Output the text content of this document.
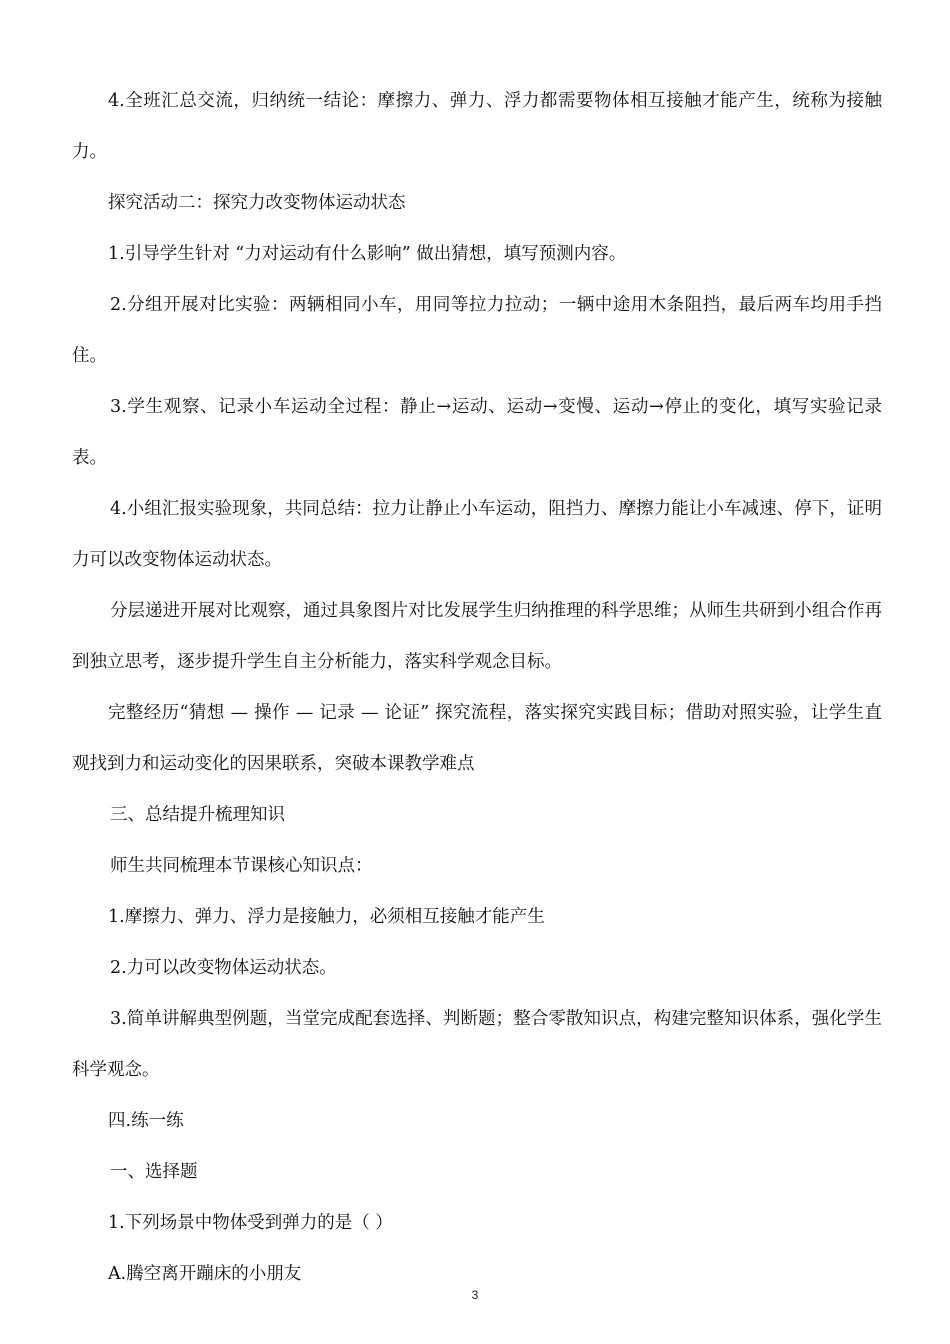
4.全班汇总交流，归纳统一结论：摩擦力、弹力、浮力都需要物体相互接触才能产生，统称为接触力。

探究活动二：探究力改变物体运动状态

1.引导学生针对 “力对运动有什么影响” 做出猜想，填写预测内容。

2.分组开展对比实验：两辆相同小车，用同等拉力拉动；一辆中途用木条阻挡，最后两车均用手挡住。

3.学生观察、记录小车运动全过程：静止→运动、运动→变慢、运动→停止的变化，填写实验记录表。

4.小组汇报实验现象，共同总结：拉力让静止小车运动，阻挡力、摩擦力能让小车减速、停下，证明力可以改变物体运动状态。

分层递进开展对比观察，通过具象图片对比发展学生归纳推理的科学思维；从师生共研到小组合作再到独立思考，逐步提升学生自主分析能力，落实科学观念目标。

完整经历“猜想 — 操作 — 记录 — 论证” 探究流程，落实探究实践目标；借助对照实验，让学生直观找到力和运动变化的因果联系，突破本课教学难点

三、总结提升梳理知识

师生共同梳理本节课核心知识点：

1.摩擦力、弹力、浮力是接触力，必须相互接触才能产生

2.力可以改变物体运动状态。

3.简单讲解典型例题，当堂完成配套选择、判断题；整合零散知识点，构建完整知识体系，强化学生科学观念。

四.练一练

一、选择题

1.下列场景中物体受到弹力的是（ ）

A.腾空离开蹦床的小朋友

3
